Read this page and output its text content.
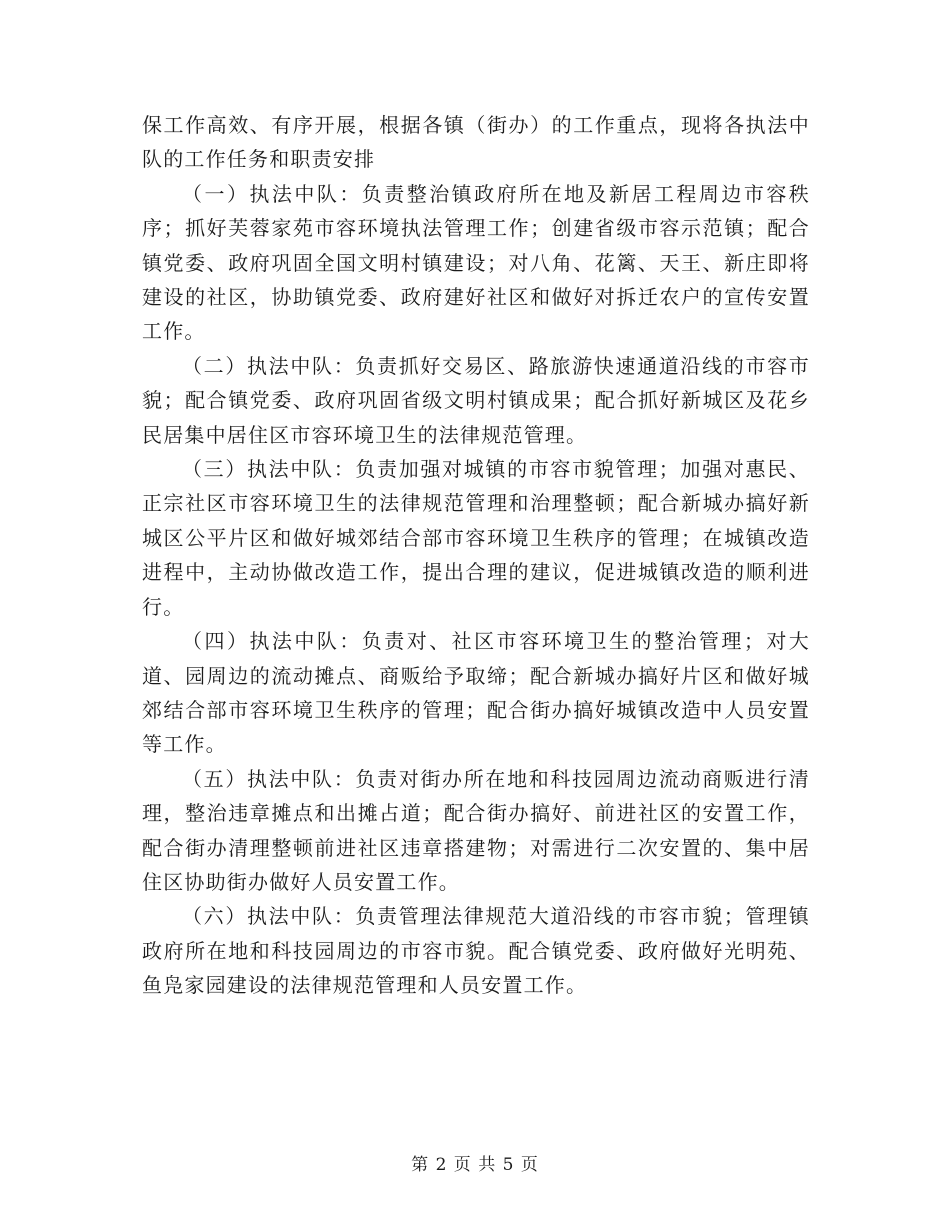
保工作高效、有序开展，根据各镇（街办）的工作重点，现将各执法中队的工作任务和职责安排

（一）执法中队：负责整治镇政府所在地及新居工程周边市容秩序；抓好芙蓉家苑市容环境执法管理工作；创建省级市容示范镇；配合镇党委、政府巩固全国文明村镇建设；对八角、花篱、天王、新庄即将建设的社区，协助镇党委、政府建好社区和做好对拆迁农户的宣传安置工作。

（二）执法中队：负责抓好交易区、路旅游快速通道沿线的市容市貌；配合镇党委、政府巩固省级文明村镇成果；配合抓好新城区及花乡民居集中居住区市容环境卫生的法律规范管理。

（三）执法中队：负责加强对城镇的市容市貌管理；加强对惠民、正宗社区市容环境卫生的法律规范管理和治理整顿；配合新城办搞好新城区公平片区和做好城郊结合部市容环境卫生秩序的管理；在城镇改造进程中，主动协做改造工作，提出合理的建议，促进城镇改造的顺利进行。

（四）执法中队：负责对、社区市容环境卫生的整治管理；对大道、园周边的流动摊点、商贩给予取缔；配合新城办搞好片区和做好城郊结合部市容环境卫生秩序的管理；配合街办搞好城镇改造中人员安置等工作。

（五）执法中队：负责对街办所在地和科技园周边流动商贩进行清理，整治违章摊点和出摊占道；配合街办搞好、前进社区的安置工作，配合街办清理整顿前进社区违章搭建物；对需进行二次安置的、集中居住区协助街办做好人员安置工作。

（六）执法中队：负责管理法律规范大道沿线的市容市貌；管理镇政府所在地和科技园周边的市容市貌。配合镇党委、政府做好光明苑、鱼凫家园建设的法律规范管理和人员安置工作。

第 2 页 共 5 页
